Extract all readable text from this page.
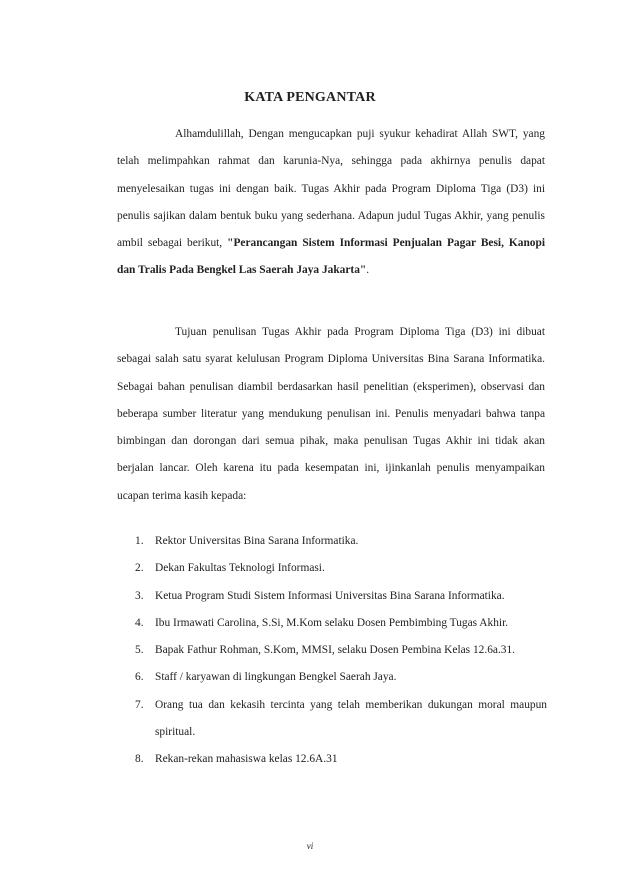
KATA PENGANTAR

Alhamdulillah, Dengan mengucapkan puji syukur kehadirat Allah SWT, yang telah melimpahkan rahmat dan karunia-Nya, sehingga pada akhirnya penulis dapat menyelesaikan tugas ini dengan baik. Tugas Akhir pada Program Diploma Tiga (D3) ini penulis sajikan dalam bentuk buku yang sederhana. Adapun judul Tugas Akhir, yang penulis ambil sebagai berikut, "Perancangan Sistem Informasi Penjualan Pagar Besi, Kanopi dan Tralis Pada Bengkel Las Saerah Jaya Jakarta".

Tujuan penulisan Tugas Akhir pada Program Diploma Tiga (D3) ini dibuat sebagai salah satu syarat kelulusan Program Diploma Universitas Bina Sarana Informatika. Sebagai bahan penulisan diambil berdasarkan hasil penelitian (eksperimen), observasi dan beberapa sumber literatur yang mendukung penulisan ini. Penulis menyadari bahwa tanpa bimbingan dan dorongan dari semua pihak, maka penulisan Tugas Akhir ini tidak akan berjalan lancar. Oleh karena itu pada kesempatan ini, ijinkanlah penulis menyampaikan ucapan terima kasih kepada:

1. Rektor Universitas Bina Sarana Informatika.
2. Dekan Fakultas Teknologi Informasi.
3. Ketua Program Studi Sistem Informasi Universitas Bina Sarana Informatika.
4. Ibu Irmawati Carolina, S.Si, M.Kom selaku Dosen Pembimbing Tugas Akhir.
5. Bapak Fathur Rohman, S.Kom, MMSI, selaku Dosen Pembina Kelas 12.6a.31.
6. Staff / karyawan di lingkungan Bengkel Saerah Jaya.
7. Orang tua dan kekasih tercinta yang telah memberikan dukungan moral maupun spiritual.
8. Rekan-rekan mahasiswa kelas 12.6A.31
vi
